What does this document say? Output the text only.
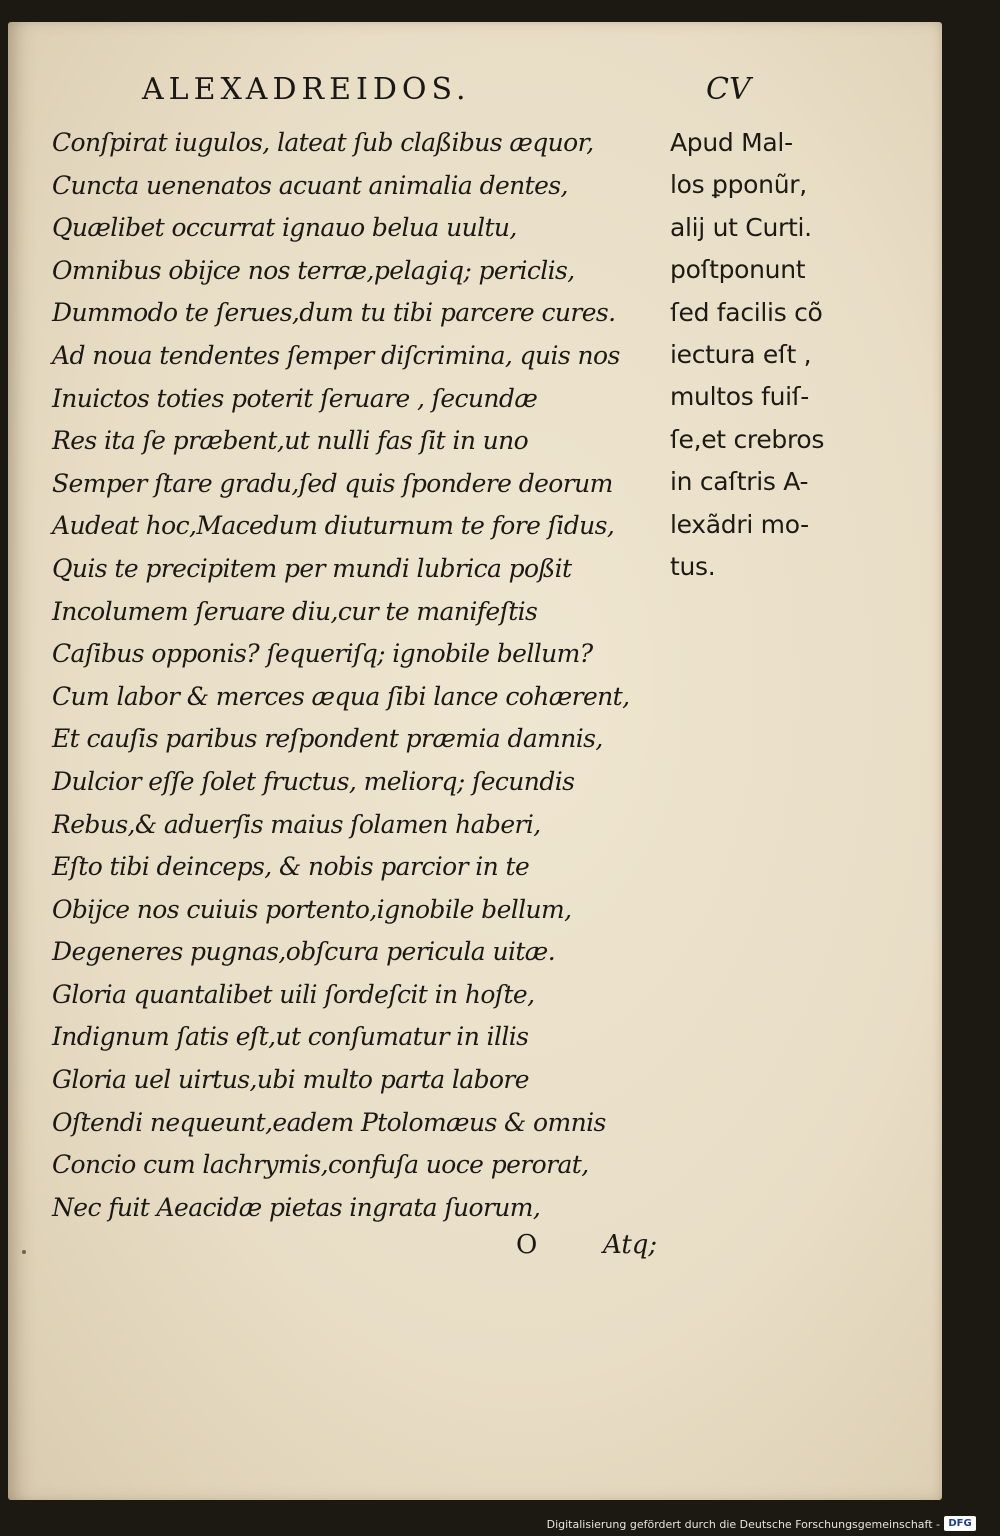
ALEXADREIDOS.	CV
Conſpirat iugulos, lateat ſub claßibus æquor,
Cuncta uenenatos acuant animalia dentes,
Quælibet occurrat ignauo belua uultu,
Omnibus obijce nos terræ,pelagiq; periclis,
Dummodo te ſerues,dum tu tibi parcere cures.
Ad noua tendentes ſemper diſcrimina, quis nos
Inuictos toties poterit ſeruare , ſecundæ
Res ita ſe præbent,ut nulli fas ſit in uno
Semper ſtare gradu,ſed quis ſpondere deorum
Audeat hoc,Macedum diuturnum te fore ſidus,
Quis te precipitem per mundi lubrica poßit
Incolumem ſeruare diu,cur te manifeſtis
Caſibus opponis? ſequeriſq; ignobile bellum?
Cum labor & merces æqua ſibi lance cohærent,
Et cauſis paribus reſpondent præmia damnis,
Dulcior eſſe ſolet fructus, meliorq; ſecundis
Rebus,& aduerſis maius ſolamen haberi,
Eſto tibi deinceps, & nobis parcior in te
Obijce nos cuiuis portento,ignobile bellum,
Degeneres pugnas,obſcura pericula uitæ.
Gloria quantalibet uili ſordeſcit in hoſte,
Indignum ſatis eſt,ut conſumatur in illis
Gloria uel uirtus,ubi multo parta labore
Oſtendi nequeunt,eadem Ptolomæus & omnis
Concio cum lachrymis,confuſa uoce perorat,
Nec fuit Aeacidæ pietas ingrata ſuorum,
Apud Mal-
los ꝑponũr,
alij ut Curti.
poſtponunt
ſed facilis cõ
iectura eſt ,
multos fuiſ-
ſe,et crebros
in caſtris A-
lexãdri mo-
tus.
O	Atq;
Digitalisierung gefördert durch die Deutsche Forschungsgemeinschaft - DFG
